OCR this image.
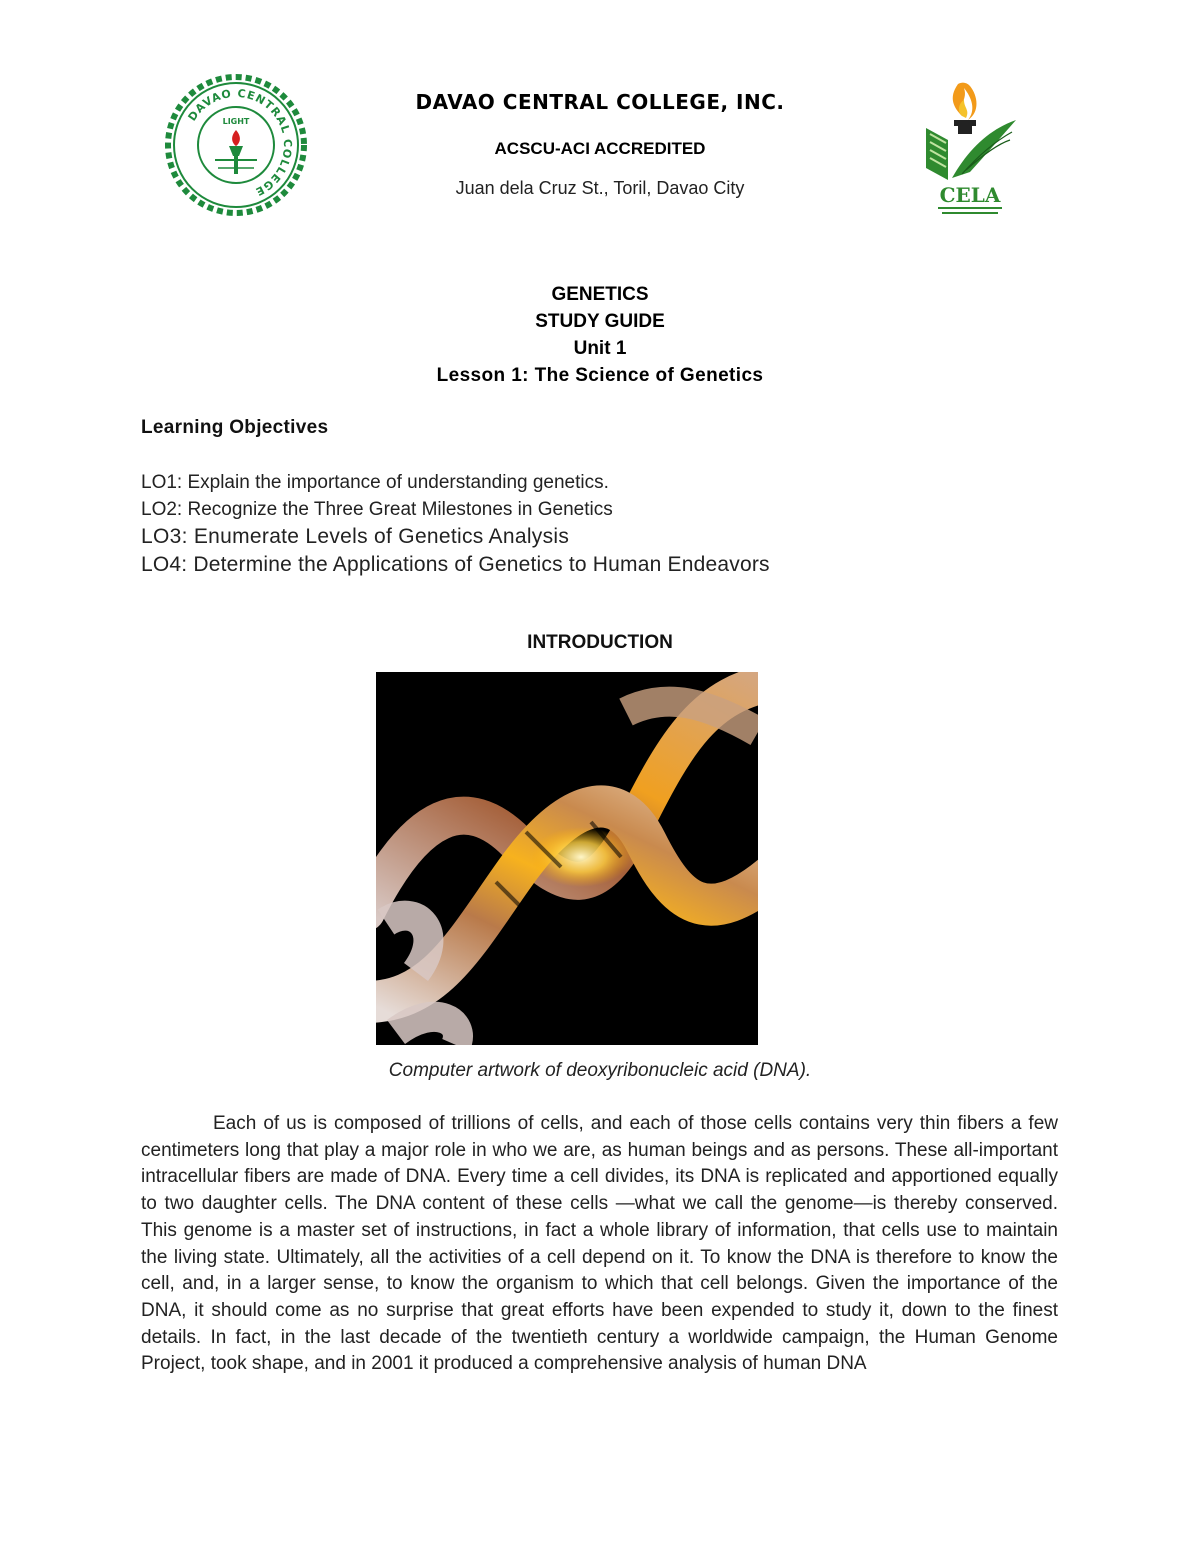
DAVAO CENTRAL COLLEGE
LIGHT
DAVAO CENTRAL COLLEGE, INC.
ACSCU-ACI ACCREDITED
Juan dela Cruz St., Toril, Davao City	CELA
GENETICS
STUDY GUIDE
Unit 1
Lesson 1: The Science of Genetics
Learning Objectives
LO1: Explain the importance of understanding genetics.
LO2: Recognize the Three Great Milestones in Genetics
LO3: Enumerate Levels of Genetics Analysis
LO4: Determine the Applications of Genetics to Human Endeavors
INTRODUCTION
Computer artwork of deoxyribonucleic acid (DNA).
Each of us is composed of trillions of cells, and each of those cells contains very thin fibers a few centimeters long that play a major role in who we are, as human beings and as persons. These all-important intracellular fibers are made of DNA. Every time a cell divides, its DNA is replicated and apportioned equally to two daughter cells. The DNA content of these cells —what we call the genome—is thereby conserved. This genome is a master set of instructions, in fact a whole library of information, that cells use to maintain the living state. Ultimately, all the activities of a cell depend on it. To know the DNA is therefore to know the cell, and, in a larger sense, to know the organism to which that cell belongs. Given the importance of the DNA, it should come as no surprise that great efforts have been expended to study it, down to the finest details. In fact, in the last decade of the twentieth century a worldwide campaign, the Human Genome Project, took shape, and in 2001 it produced a comprehensive analysis of human DNA
